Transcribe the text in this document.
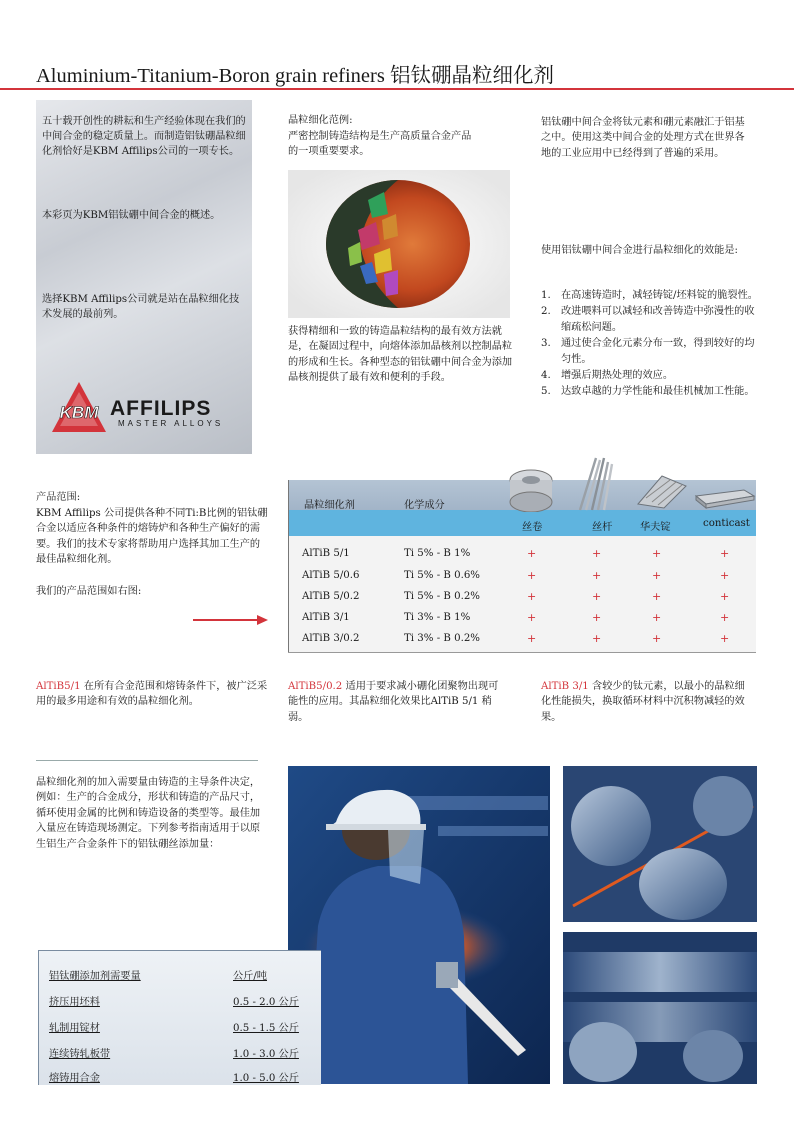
Aluminium-Titanium-Boron grain refiners 铝钛硼晶粒细化剂
五十载开创性的耕耘和生产经验体现在我们的中间合金的稳定质量上。而制造铝钛硼晶粒细化剂恰好是KBM Affilips公司的一项专长。
本彩页为KBM铝钛硼中间合金的概述。
选择KBM Affilips公司就是站在晶粒细化技术发展的最前列。
KBM AFFILIPS
MASTER ALLOYS
晶粒细化范例:
严密控制铸造结构是生产高质量合金产品的一项重要要求。
获得精细和一致的铸造晶粒结构的最有效方法就是，在凝固过程中，向熔体添加晶核剂以控制晶粒的形成和生长。各种型态的铝钛硼中间合金为添加晶核剂提供了最有效和便利的手段。
铝钛硼中间合金将钛元素和硼元素融汇于铝基之中。使用这类中间合金的处理方式在世界各地的工业应用中已经得到了普遍的采用。
使用铝钛硼中间合金进行晶粒细化的效能是:
1. 在高速铸造时，减轻铸锭/坯料锭的脆裂性。
2. 改进喂料可以减轻和改善铸造中弥漫性的收缩疏松问题。
3. 通过使合金化元素分布一致，得到较好的均匀性。
4. 增强后期热处理的效应。
5. 达致卓越的力学性能和最佳机械加工性能。
产品范围:
KBM Affilips 公司提供各种不同Ti:B比例的铝钛硼合金以适应各种条件的熔铸炉和各种生产偏好的需要。我们的技术专家将帮助用户选择其加工生产的最佳晶粒细化剂。
我们的产品范围如右图:
晶粒细化剂	化学成分
丝卷	丝杆	华夫锭	conticast
AlTiB 5/1	Ti 5% - B 1%	+	+	+	+
AlTiB 5/0.6	Ti 5% - B 0.6%	+	+	+	+
AlTiB 5/0.2	Ti 5% - B 0.2%	+	+	+	+
AlTiB 3/1	Ti 3% - B 1%	+	+	+	+
AlTiB 3/0.2	Ti 3% - B 0.2%	+	+	+	+
AlTiB5/1 在所有合金范围和熔铸条件下，被广泛采用的最多用途和有效的晶粒细化剂。
AlTiB5/0.2 适用于要求减小硼化团聚物出现可能性的应用。其晶粒细化效果比AlTiB 5/1 稍弱。
AlTiB 3/1 含较少的钛元素，以最小的晶粒细化性能损失，换取循环材料中沉积物减轻的效果。
晶粒细化剂的加入需要量由铸造的主导条件决定，例如：生产的合金成分，形状和铸造的产品尺寸，循环使用金属的比例和铸造设备的类型等。最佳加入量应在铸造现场测定。下列参考指南适用于以原生铝生产合金条件下的铝钛硼丝添加量：
铝钛硼添加剂需要量	公斤/吨
挤压用坯料	0.5 - 2.0 公斤
轧制用锭材	0.5 - 1.5 公斤
连续铸轧板带	1.0 - 3.0 公斤
熔铸用合金	1.0 - 5.0 公斤
